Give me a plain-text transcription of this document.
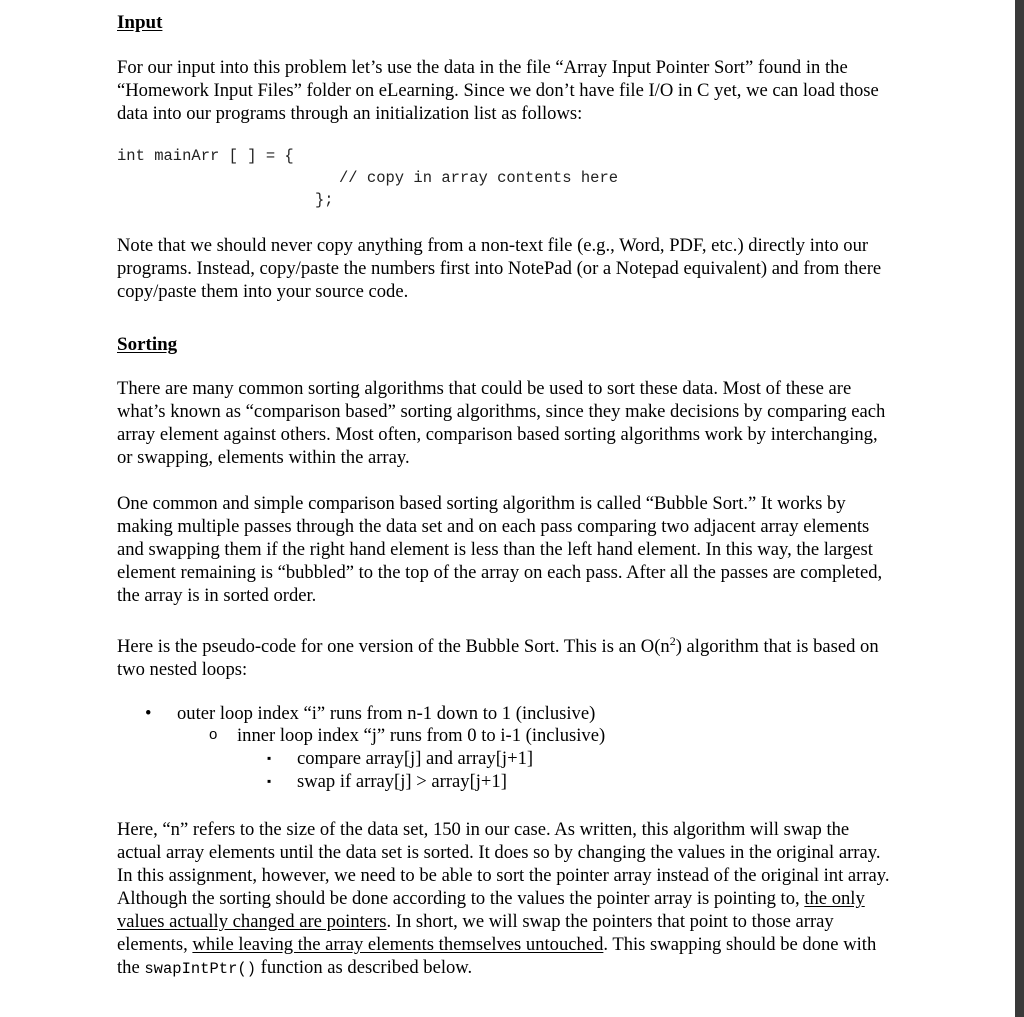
Input

For our input into this problem let’s use the data in the file “Array Input Pointer Sort” found in the “Homework Input Files” folder on eLearning. Since we don’t have file I/O in C yet, we can load those data into our programs through an initialization list as follows:

int mainArr [ ] = {
// copy in array contents here
};

Note that we should never copy anything from a non-text file (e.g., Word, PDF, etc.) directly into our programs. Instead, copy/paste the numbers first into NotePad (or a Notepad equivalent) and from there copy/paste them into your source code.

Sorting

There are many common sorting algorithms that could be used to sort these data. Most of these are what’s known as “comparison based” sorting algorithms, since they make decisions by comparing each array element against others. Most often, comparison based sorting algorithms work by interchanging, or swapping, elements within the array.

One common and simple comparison based sorting algorithm is called “Bubble Sort.” It works by making multiple passes through the data set and on each pass comparing two adjacent array elements and swapping them if the right hand element is less than the left hand element. In this way, the largest element remaining is “bubbled” to the top of the array on each pass. After all the passes are completed, the array is in sorted order.

Here is the pseudo-code for one version of the Bubble Sort. This is an $O(n^2)$ algorithm that is based on two nested loops:

• outer loop index “i” runs from n-1 down to 1 (inclusive)
o inner loop index “j” runs from 0 to i-1 (inclusive)
▪ compare array[j] and array[j+1]
▪ swap if array[j] > array[j+1]

Here, “n” refers to the size of the data set, 150 in our case. As written, this algorithm will swap the actual array elements until the data set is sorted. It does so by changing the values in the original array. In this assignment, however, we need to be able to sort the pointer array instead of the original int array. Although the sorting should be done according to the values the pointer array is pointing to, the only values actually changed are pointers. In short, we will swap the pointers that point to those array elements, while leaving the array elements themselves untouched. This swapping should be done with the swapIntPtr() function as described below.
